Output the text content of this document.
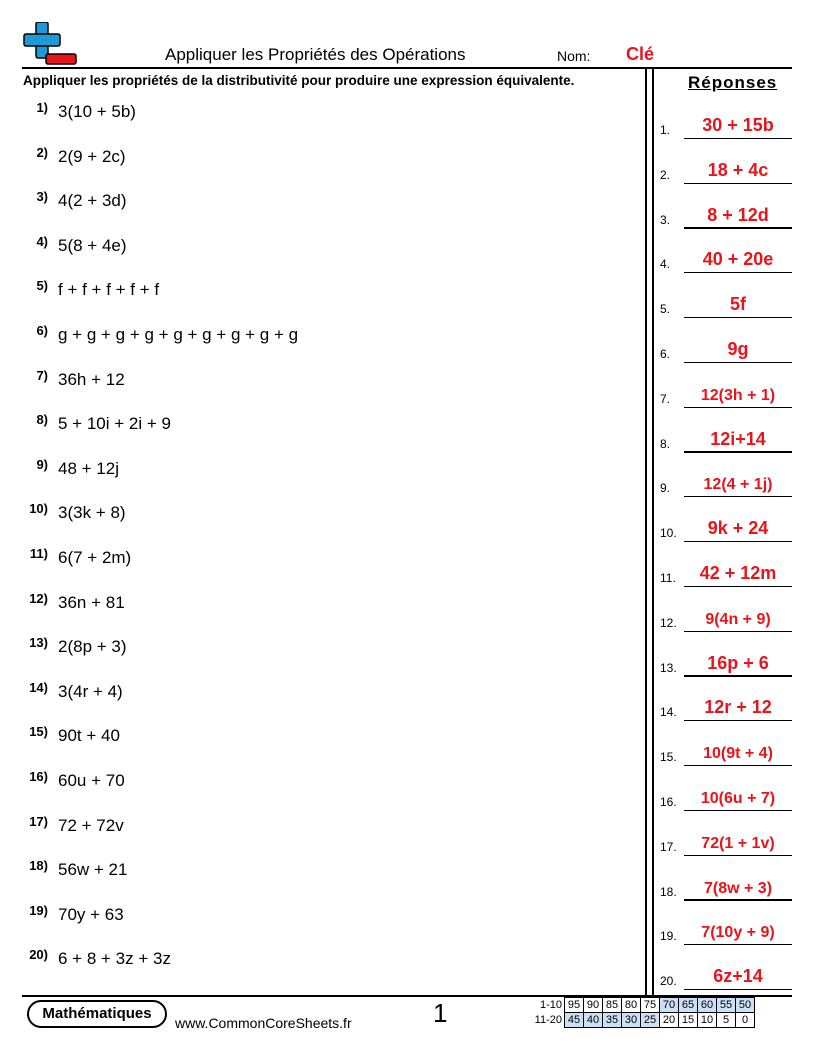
Appliquer les Propriétés des Opérations	Nom: Clé
Appliquer les propriétés de la distributivité pour produire une expression équivalente.	Réponses
1) 3(10 + 5b)
2) 2(9 + 2c)
3) 4(2 + 3d)
4) 5(8 + 4e)
5) f + f + f + f + f
6) g + g + g + g + g + g + g + g + g
7) 36h + 12
8) 5 + 10i + 2i + 9
9) 48 + 12j
10) 3(3k + 8)
11) 6(7 + 2m)
12) 36n + 81
13) 2(8p + 3)
14) 3(4r + 4)
15) 90t + 40
16) 60u + 70
17) 72 + 72v
18) 56w + 21
19) 70y + 63
20) 6 + 8 + 3z + 3z
1.	30 + 15b
2.	18 + 4c
3.	8 + 12d
4.	40 + 20e
5.	5f
6.	9g
7.	12(3h + 1)
8.	12i+14
9.	12(4 + 1j)
10.	9k + 24
11.	42 + 12m
12.	9(4n + 9)
13.	16p + 6
14.	12r + 12
15.	10(9t + 4)
16.	10(6u + 7)
17.	72(1 + 1v)
18.	7(8w + 3)
19.	7(10y + 9)
20.	6z+14
Mathématiques
www.CommonCoreSheets.fr	1	1-10	95	90	85	80	75	70	65	60	55	50
11-20	45	40	35	30	25	20	15	10	5	0
